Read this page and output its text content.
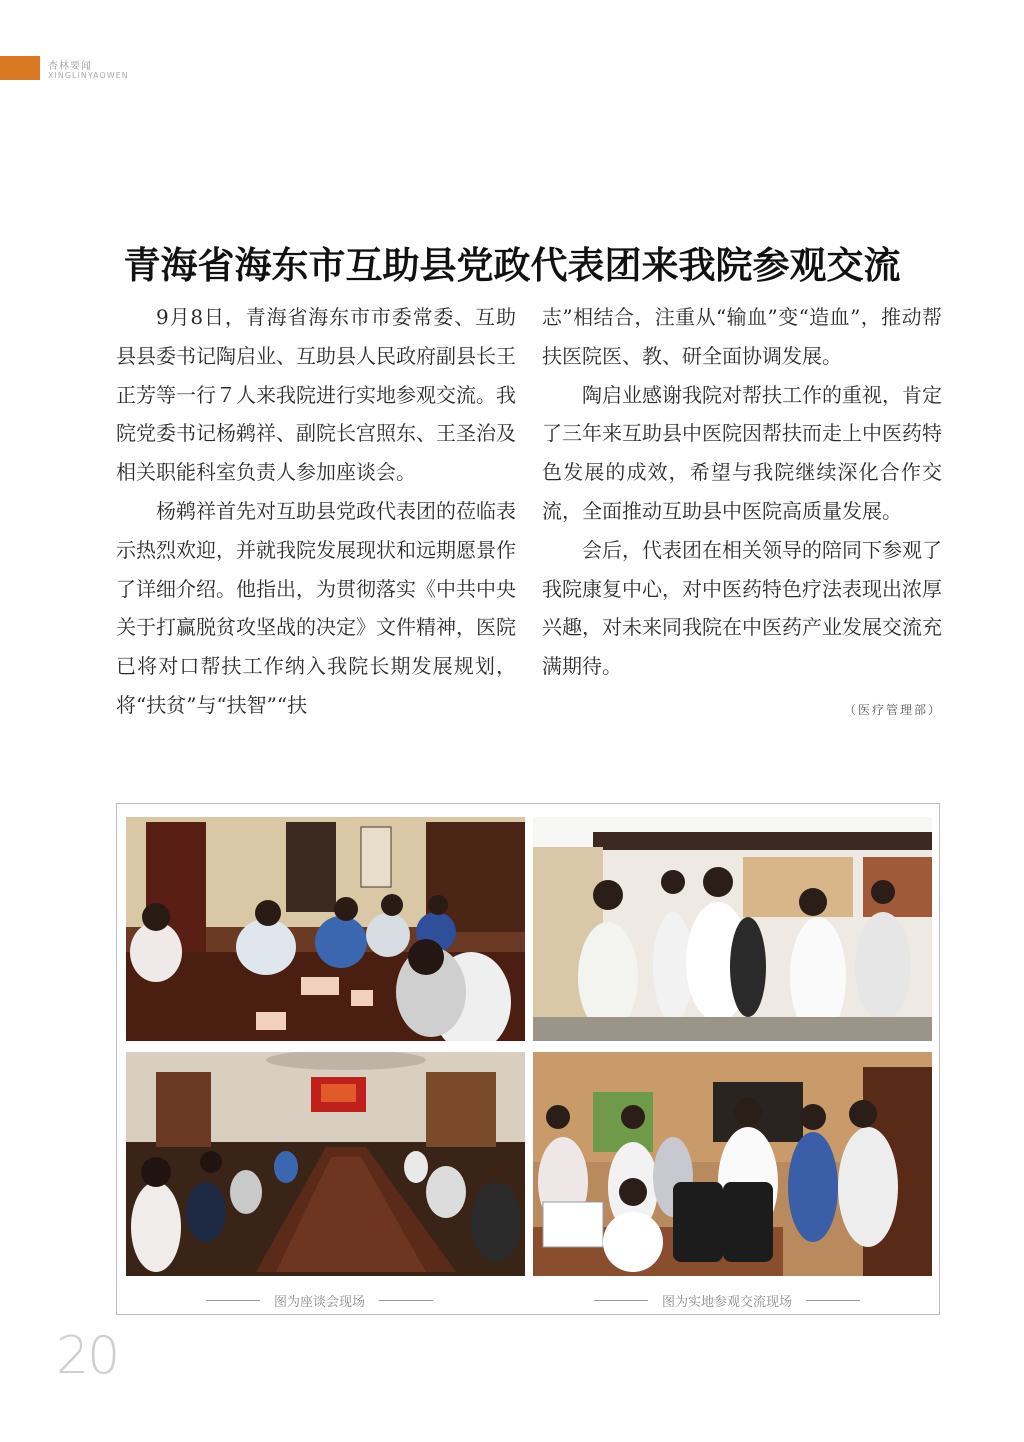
杏林要闻
XINGLINYAOWEN
青海省海东市互助县党政代表团来我院参观交流

9月8日，青海省海东市市委常委、互助县县委书记陶启业、互助县人民政府副县长王正芳等一行７人来我院进行实地参观交流。我院党委书记杨鹈祥、副院长宫照东、王圣治及相关职能科室负责人参加座谈会。

杨鹈祥首先对互助县党政代表团的莅临表示热烈欢迎，并就我院发展现状和远期愿景作了详细介绍。他指出，为贯彻落实《中共中央关于打赢脱贫攻坚战的决定》文件精神，医院已将对口帮扶工作纳入我院长期发展规划，将“扶贫”与“扶智”“扶

志”相结合，注重从“输血”变“造血”，推动帮扶医院医、教、研全面协调发展。

陶启业感谢我院对帮扶工作的重视，肯定了三年来互助县中医院因帮扶而走上中医药特色发展的成效，希望与我院继续深化合作交流，全面推动互助县中医院高质量发展。

会后，代表团在相关领导的陪同下参观了我院康复中心，对中医药特色疗法表现出浓厚兴趣，对未来同我院在中医药产业发展交流充满期待。

（医疗管理部）
图为座谈会现场	图为实地参观交流现场
20
